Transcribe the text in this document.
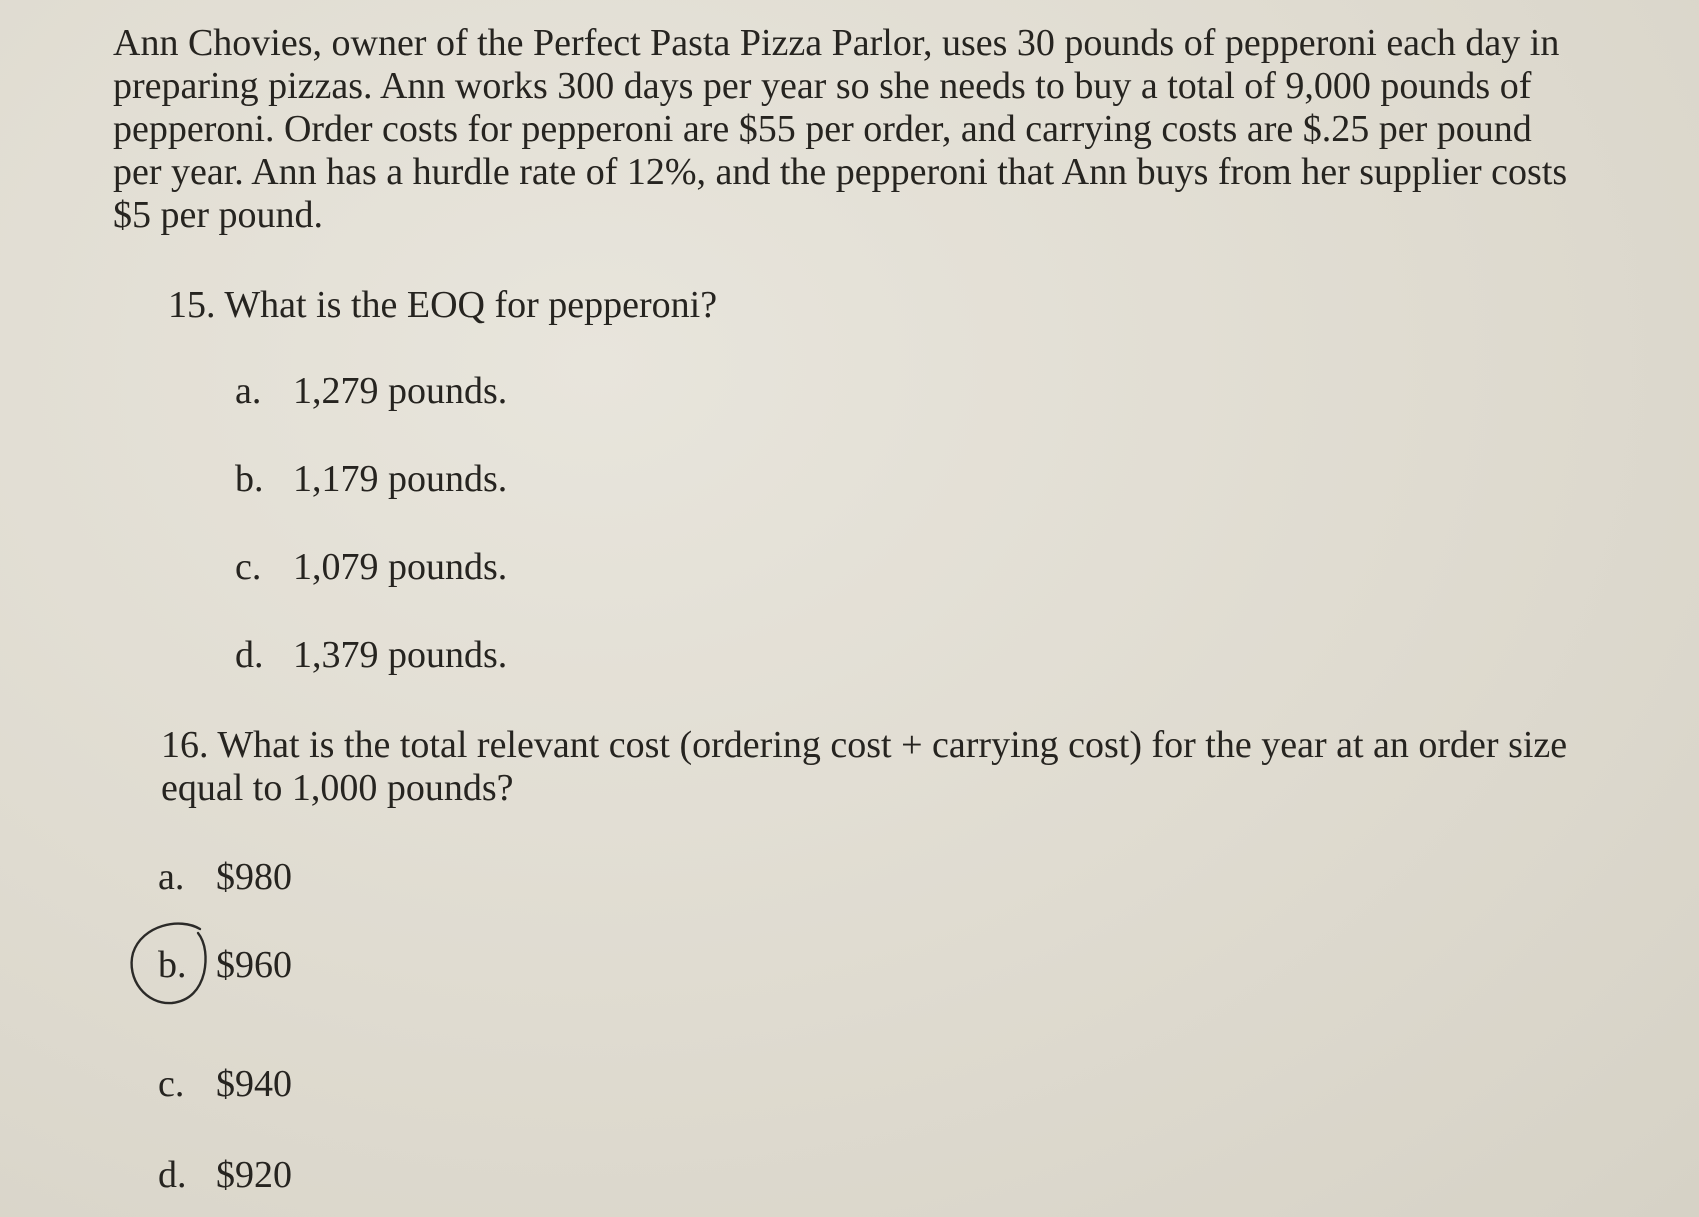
Ann Chovies, owner of the Perfect Pasta Pizza Parlor, uses 30 pounds of pepperoni each day in
preparing pizzas. Ann works 300 days per year so she needs to buy a total of 9,000 pounds of
pepperoni. Order costs for pepperoni are $55 per order, and carrying costs are $.25 per pound
per year. Ann has a hurdle rate of 12%, and the pepperoni that Ann buys from her supplier costs
$5 per pound.

15. What is the EOQ for pepperoni?

a. 1,279 pounds.
b. 1,179 pounds.
c. 1,079 pounds.
d. 1,379 pounds.

16. What is the total relevant cost (ordering cost + carrying cost) for the year at an order size
equal to 1,000 pounds?

a. $980
b. $960
c. $940
d. $920
